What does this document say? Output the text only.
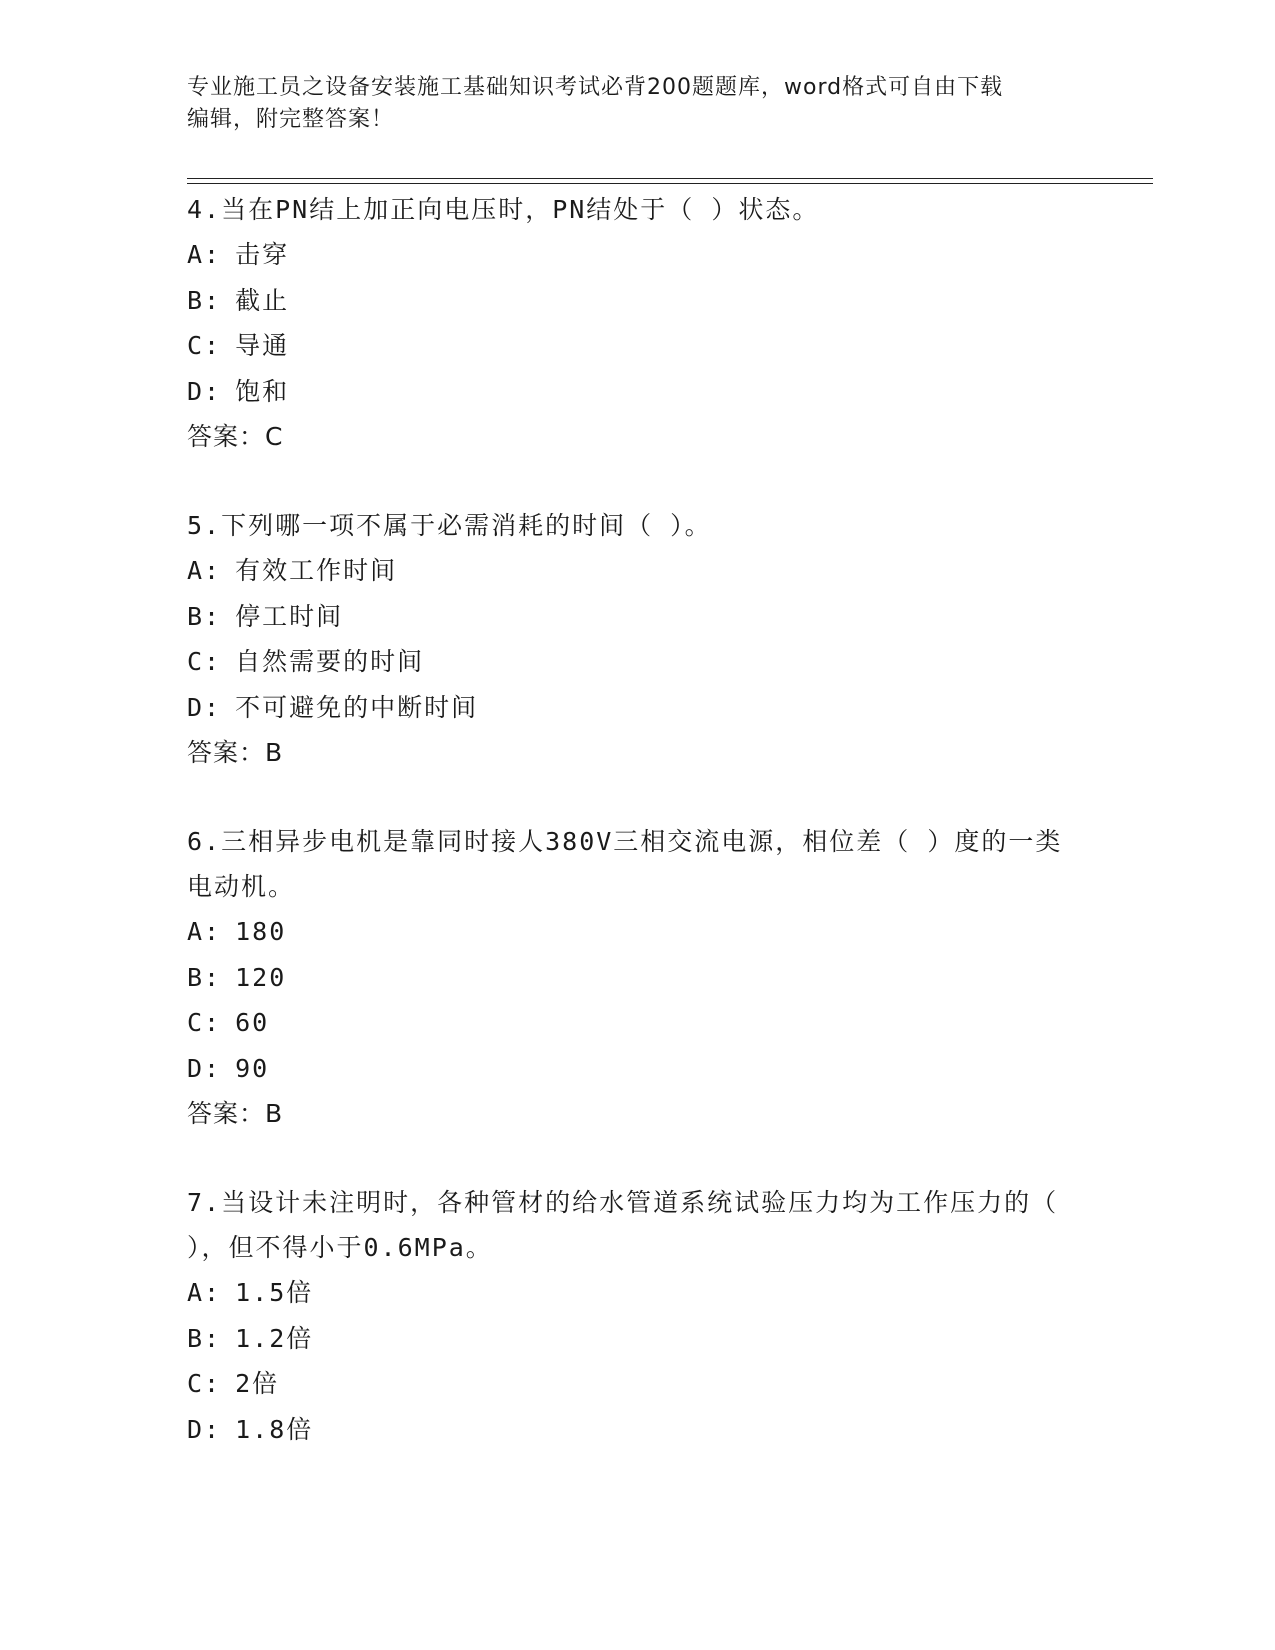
专业施工员之设备安装施工基础知识考试必背200题题库，word格式可自由下载
编辑，附完整答案！

4.当在PN结上加正向电压时，PN结处于（ ）状态。

A: 击穿

B: 截止

C: 导通

D: 饱和

答案：C

5.下列哪一项不属于必需消耗的时间（ ）。

A: 有效工作时间

B: 停工时间

C: 自然需要的时间

D: 不可避免的中断时间

答案：B

6.三相异步电机是靠同时接人380V三相交流电源，相位差（ ）度的一类电动机。

A: 180

B: 120

C: 60

D: 90

答案：B

7.当设计未注明时，各种管材的给水管道系统试验压力均为工作压力的（ ），但不得小于0.6MPa。

A: 1.5倍

B: 1.2倍

C: 2倍

D: 1.8倍
